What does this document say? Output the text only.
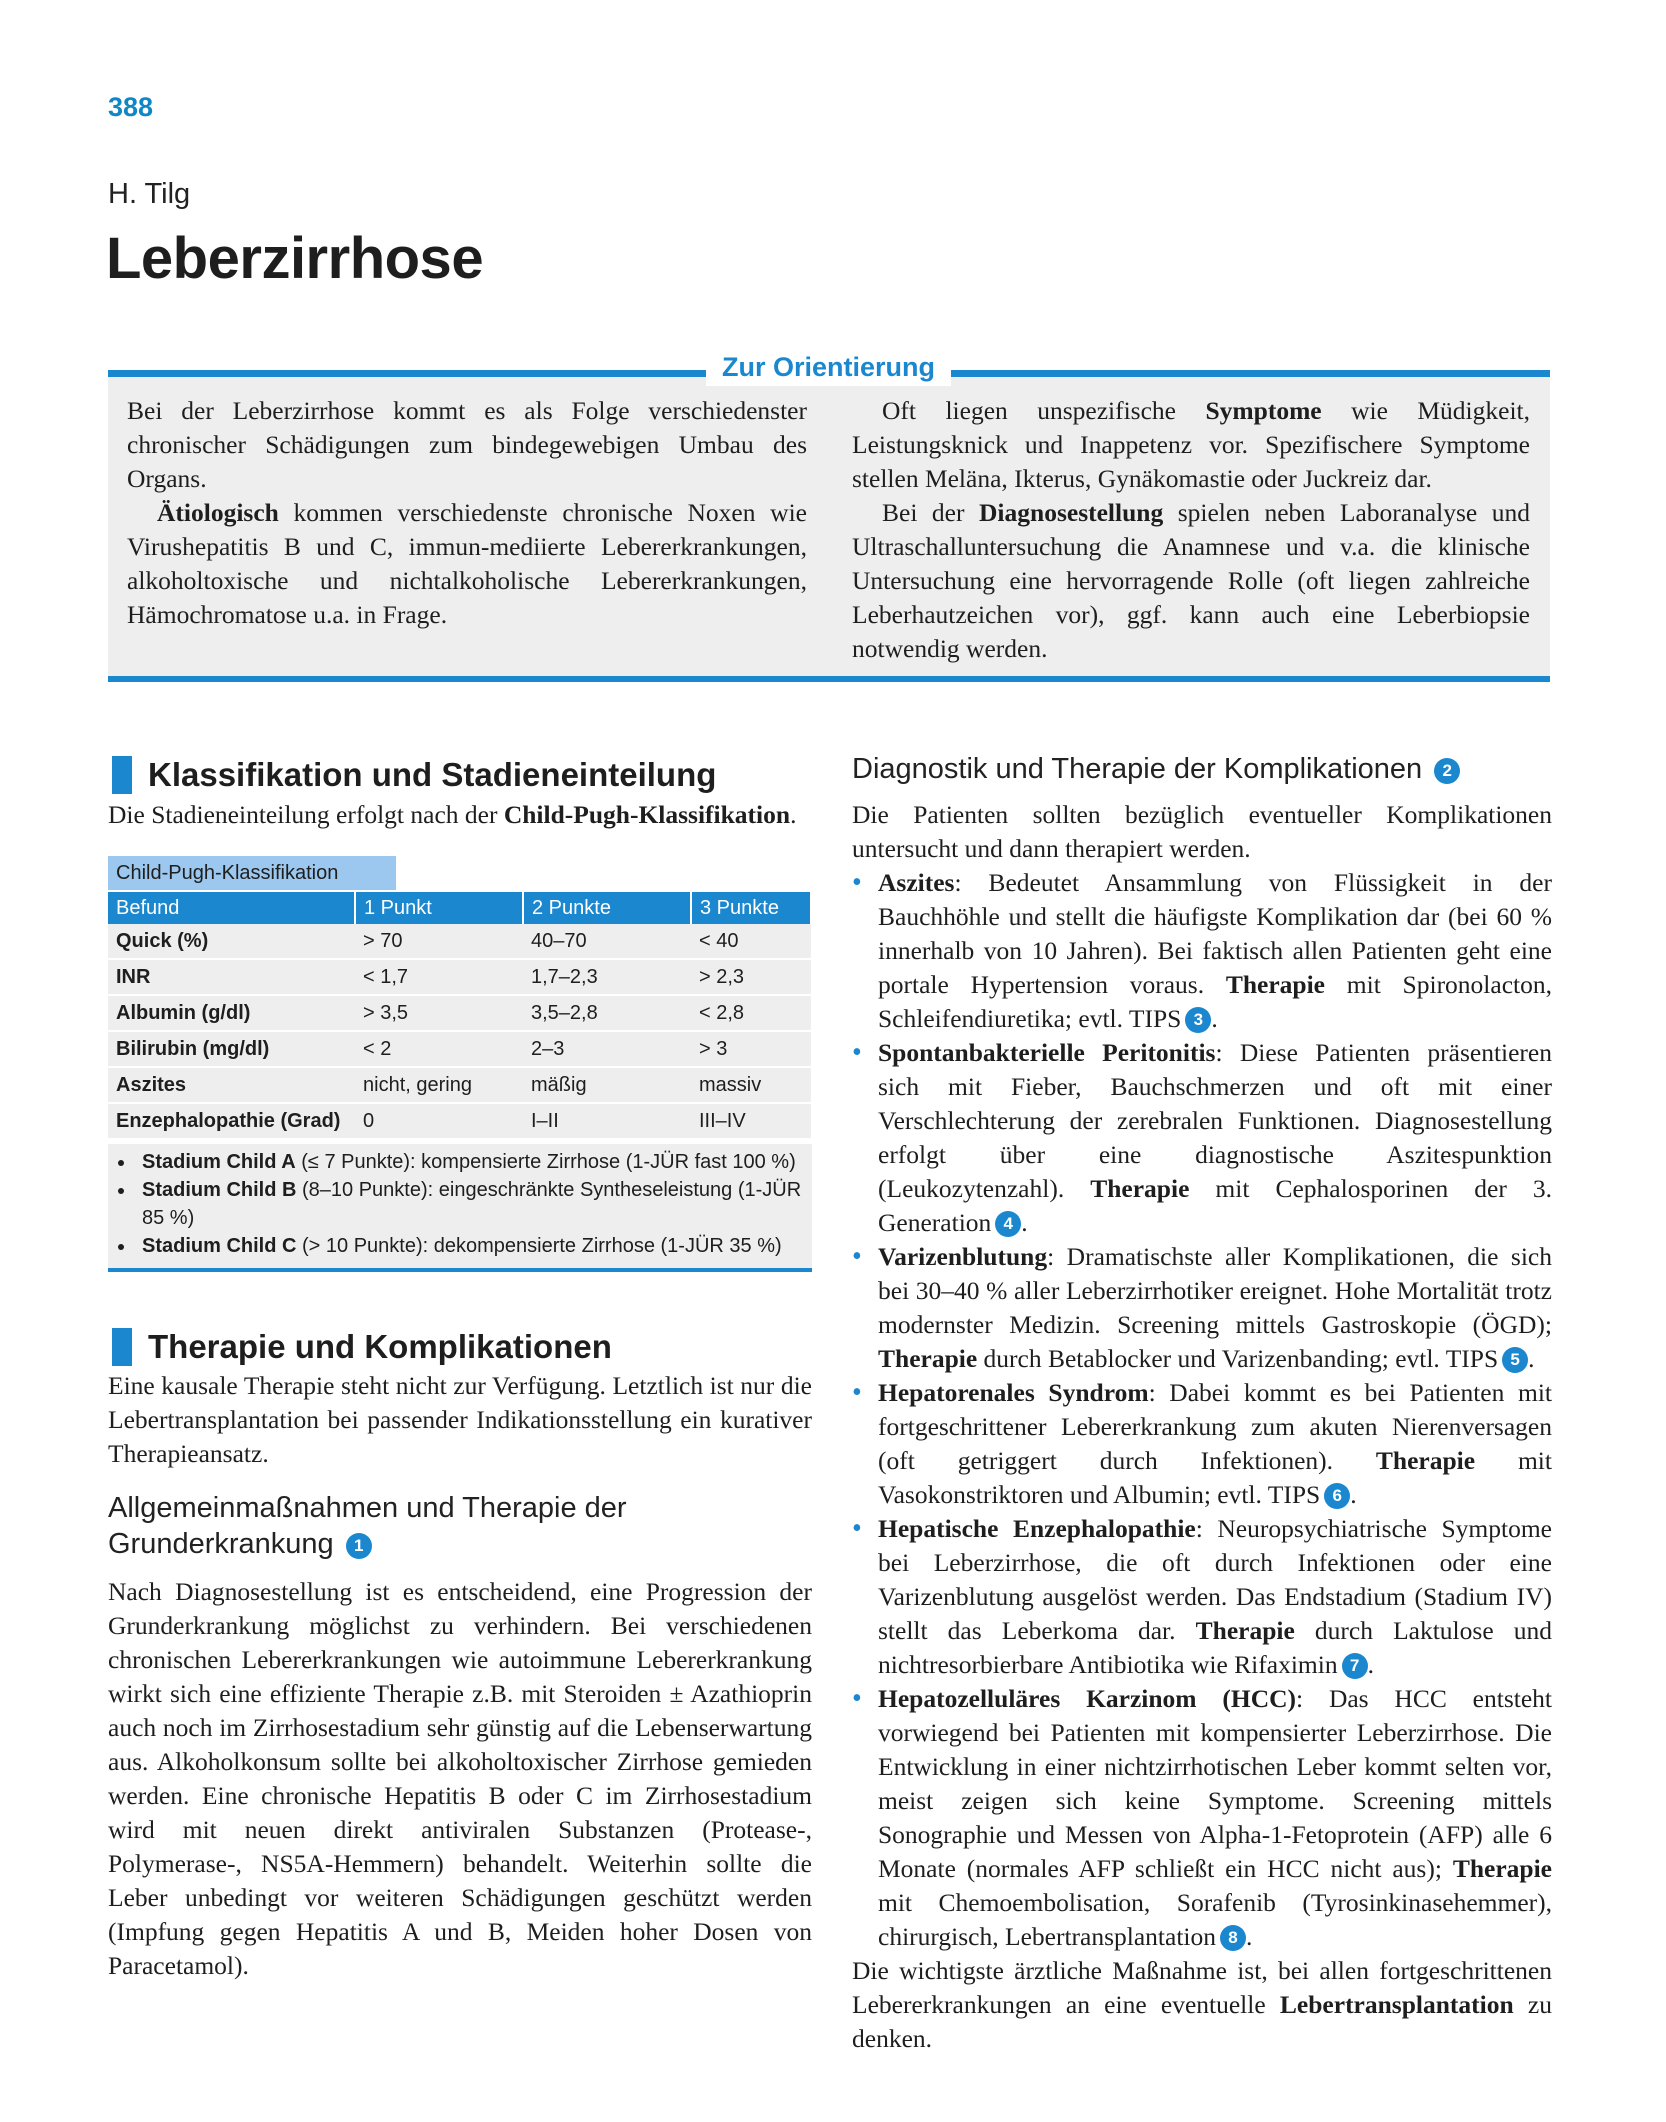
388
H. Tilg
Leberzirrhose
Zur Orientierung

Bei der Leberzirrhose kommt es als Folge verschiedenster chronischer Schädigungen zum bindegewebigen Umbau des Organs.

Ätiologisch kommen verschiedenste chronische Noxen wie Virushepatitis B und C, immun-mediierte Lebererkrankungen, alkoholtoxische und nichtalkoholische Lebererkrankungen, Hämochromatose u.a. in Frage.

Oft liegen unspezifische Symptome wie Müdigkeit, Leistungsknick und Inappetenz vor. Spezifischere Symptome stellen Meläna, Ikterus, Gynäkomastie oder Juckreiz dar.

Bei der Diagnosestellung spielen neben Laboranalyse und Ultraschalluntersuchung die Anamnese und v.a. die klinische Untersuchung eine hervorragende Rolle (oft liegen zahlreiche Leberhautzeichen vor), ggf. kann auch eine Leberbiopsie notwendig werden.

Klassifikation und Stadieneinteilung
Die Stadieneinteilung erfolgt nach der Child-Pugh-Klassifikation.
Child-Pugh-Klassifikation
Befund	1 Punkt	2 Punkte	3 Punkte
Quick (%)	> 70	40–70	< 40
INR	< 1,7	1,7–2,3	> 2,3
Albumin (g/dl)	> 3,5	3,5–2,8	< 2,8
Bilirubin (mg/dl)	< 2	2–3	> 3
Aszites	nicht, gering	mäßig	massiv
Enzephalopathie (Grad)	0	I–II	III–IV
• Stadium Child A (≤ 7 Punkte): kompensierte Zirrhose (1-JÜR fast 100 %)
• Stadium Child B (8–10 Punkte): eingeschränkte Syntheseleistung (1-JÜR 85 %)
• Stadium Child C (> 10 Punkte): dekompensierte Zirrhose (1-JÜR 35 %)
Therapie und Komplikationen
Eine kausale Therapie steht nicht zur Verfügung. Letztlich ist nur die Lebertransplantation bei passender Indikationsstellung ein kurativer Therapieansatz.
Allgemeinmaßnahmen und Therapie der Grunderkrankung 1
Nach Diagnosestellung ist es entscheidend, eine Progression der Grunderkrankung möglichst zu verhindern. Bei verschiedenen chronischen Lebererkrankungen wie autoimmune Lebererkrankung wirkt sich eine effiziente Therapie z.B. mit Steroiden ± Azathioprin auch noch im Zirrhosestadium sehr günstig auf die Lebenserwartung aus. Alkoholkonsum sollte bei alkoholtoxischer Zirrhose gemieden werden. Eine chronische Hepatitis B oder C im Zirrhosestadium wird mit neuen direkt antiviralen Substanzen (Protease-, Polymerase-, NS5A-Hemmern) behandelt. Weiterhin sollte die Leber unbedingt vor weiteren Schädigungen geschützt werden (Impfung gegen Hepatitis A und B, Meiden hoher Dosen von Paracetamol).
Diagnostik und Therapie der Komplikationen 2

Die Patienten sollten bezüglich eventueller Komplikationen untersucht und dann therapiert werden.

• Aszites: Bedeutet Ansammlung von Flüssigkeit in der Bauchhöhle und stellt die häufigste Komplikation dar (bei 60 % innerhalb von 10 Jahren). Bei faktisch allen Patienten geht eine portale Hypertension voraus. Therapie mit Spironolacton, Schleifendiuretika; evtl. TIPS 3 .
• Spontanbakterielle Peritonitis: Diese Patienten präsentieren sich mit Fieber, Bauchschmerzen und oft mit einer Verschlechterung der zerebralen Funktionen. Diagnosestellung erfolgt über eine diagnostische Aszitespunktion (Leukozytenzahl). Therapie mit Cephalosporinen der 3. Generation 4 .
• Varizenblutung: Dramatischste aller Komplikationen, die sich bei 30–40 % aller Leberzirrhotiker ereignet. Hohe Mortalität trotz modernster Medizin. Screening mittels Gastroskopie (ÖGD); Therapie durch Betablocker und Varizenbanding; evtl. TIPS 5 .
• Hepatorenales Syndrom: Dabei kommt es bei Patienten mit fortgeschrittener Lebererkrankung zum akuten Nierenversagen (oft getriggert durch Infektionen). Therapie mit Vasokonstriktoren und Albumin; evtl. TIPS 6 .
• Hepatische Enzephalopathie: Neuropsychiatrische Symptome bei Leberzirrhose, die oft durch Infektionen oder eine Varizenblutung ausgelöst werden. Das Endstadium (Stadium IV) stellt das Leberkoma dar. Therapie durch Laktulose und nichtresorbierbare Antibiotika wie Rifaximin 7 .
• Hepatozelluläres Karzinom (HCC): Das HCC entsteht vorwiegend bei Patienten mit kompensierter Leberzirrhose. Die Entwicklung in einer nichtzirrhotischen Leber kommt selten vor, meist zeigen sich keine Symptome. Screening mittels Sonographie und Messen von Alpha-1-Fetoprotein (AFP) alle 6 Monate (normales AFP schließt ein HCC nicht aus); Therapie mit Chemoembolisation, Sorafenib (Tyrosinkinasehemmer), chirurgisch, Lebertransplantation 8 .

Die wichtigste ärztliche Maßnahme ist, bei allen fortgeschrittenen Lebererkrankungen an eine eventuelle Lebertransplantation zu denken.
